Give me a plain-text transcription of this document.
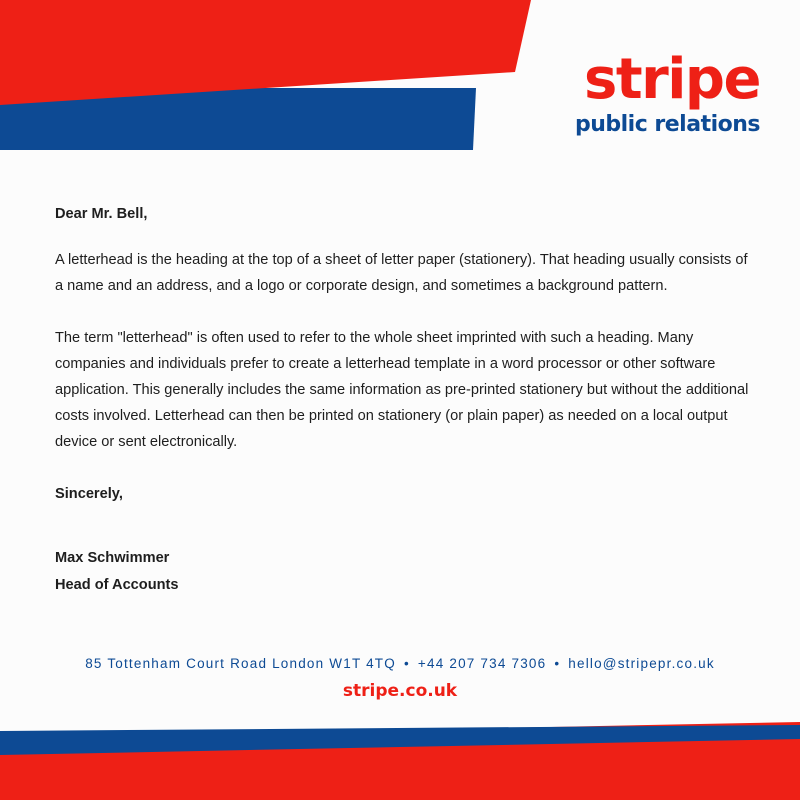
stripe
public relations

Dear Mr. Bell,

A letterhead is the heading at the top of a sheet of letter paper (stationery). That heading usually consists of a name and an address, and a logo or corporate design, and sometimes a background pattern.

The term "letterhead" is often used to refer to the whole sheet imprinted with such a heading. Many companies and individuals prefer to create a letterhead template in a word processor or other software application. This generally includes the same information as pre-printed stationery but without the additional costs involved. Letterhead can then be printed on stationery (or plain paper) as needed on a local output device or sent electronically.

Sincerely,

Max Schwimmer

Head of Accounts

85 Tottenham Court Road London W1T 4TQ • +44 207 734 7306 • hello@stripepr.co.uk
stripe.co.uk
